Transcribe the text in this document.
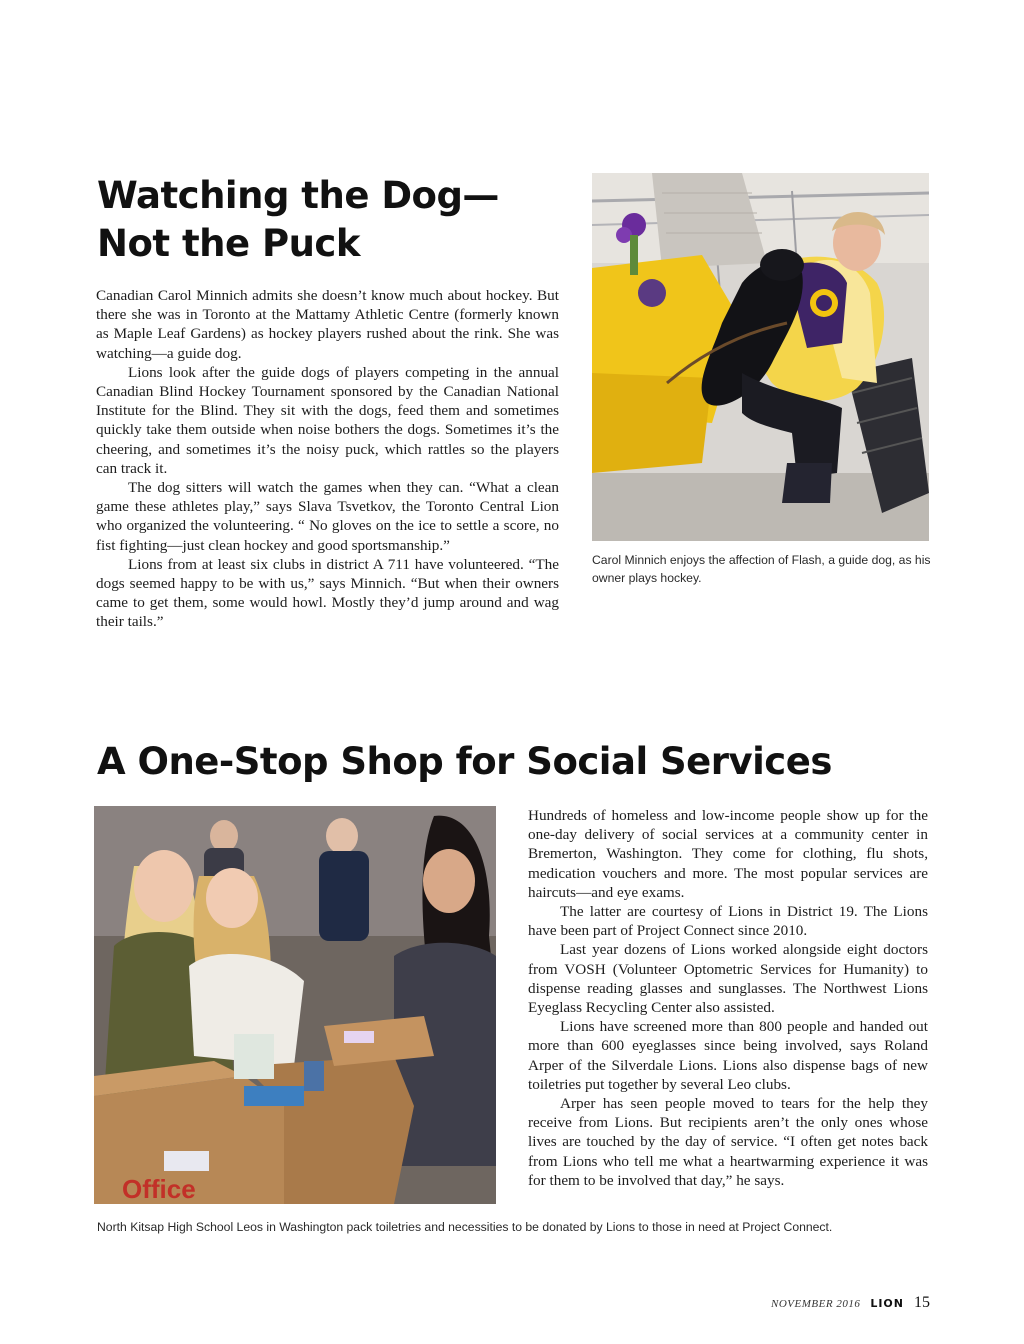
Watching the Dog—
Not the Puck

Canadian Carol Minnich admits she doesn’t know much about hockey. But there she was in Toronto at the Mattamy Athletic Centre (formerly known as Maple Leaf Gardens) as hockey players rushed about the rink. She was watching—a guide dog.

Lions look after the guide dogs of players competing in the annual Canadian Blind Hockey Tournament sponsored by the Canadian National Institute for the Blind. They sit with the dogs, feed them and sometimes quickly take them outside when noise bothers the dogs. Sometimes it’s the cheering, and sometimes it’s the noisy puck, which rattles so the players can track it.

The dog sitters will watch the games when they can. “What a clean game these athletes play,” says Slava Tsvetkov, the Toronto Central Lion who organized the volunteering. “ No gloves on the ice to settle a score, no fist fighting—just clean hockey and good sportsmanship.”

Lions from at least six clubs in district A 711 have volunteered. “The dogs seemed happy to be with us,” says Minnich. “But when their owners came to get them, some would howl. Mostly they’d jump around and wag their tails.”

Carol Minnich enjoys the affection of Flash, a guide dog, as his owner plays hockey.
A One-Stop Shop for Social Services
Office

Hundreds of homeless and low-income people show up for the one-day delivery of social services at a community center in Bremerton, Washington. They come for clothing, flu shots, medication vouchers and more. The most popular services are haircuts—and eye exams.

The latter are courtesy of Lions in District 19. The Lions have been part of Project Connect since 2010.

Last year dozens of Lions worked alongside eight doctors from VOSH (Volunteer Optometric Services for Humanity) to dispense reading glasses and sunglasses. The Northwest Lions Eyeglass Recycling Center also assisted.

Lions have screened more than 800 people and handed out more than 600 eyeglasses since being involved, says Roland Arper of the Silverdale Lions. Lions also dispense bags of new toiletries put together by several Leo clubs.

Arper has seen people moved to tears for the help they receive from Lions. But recipients aren’t the only ones whose lives are touched by the day of service. “I often get notes back from Lions who tell me what a heartwarming experience it was for them to be involved that day,” he says.

North Kitsap High School Leos in Washington pack toiletries and necessities to be donated by Lions to those in need at Project Connect.
NOVEMBER 2016 LION 15
